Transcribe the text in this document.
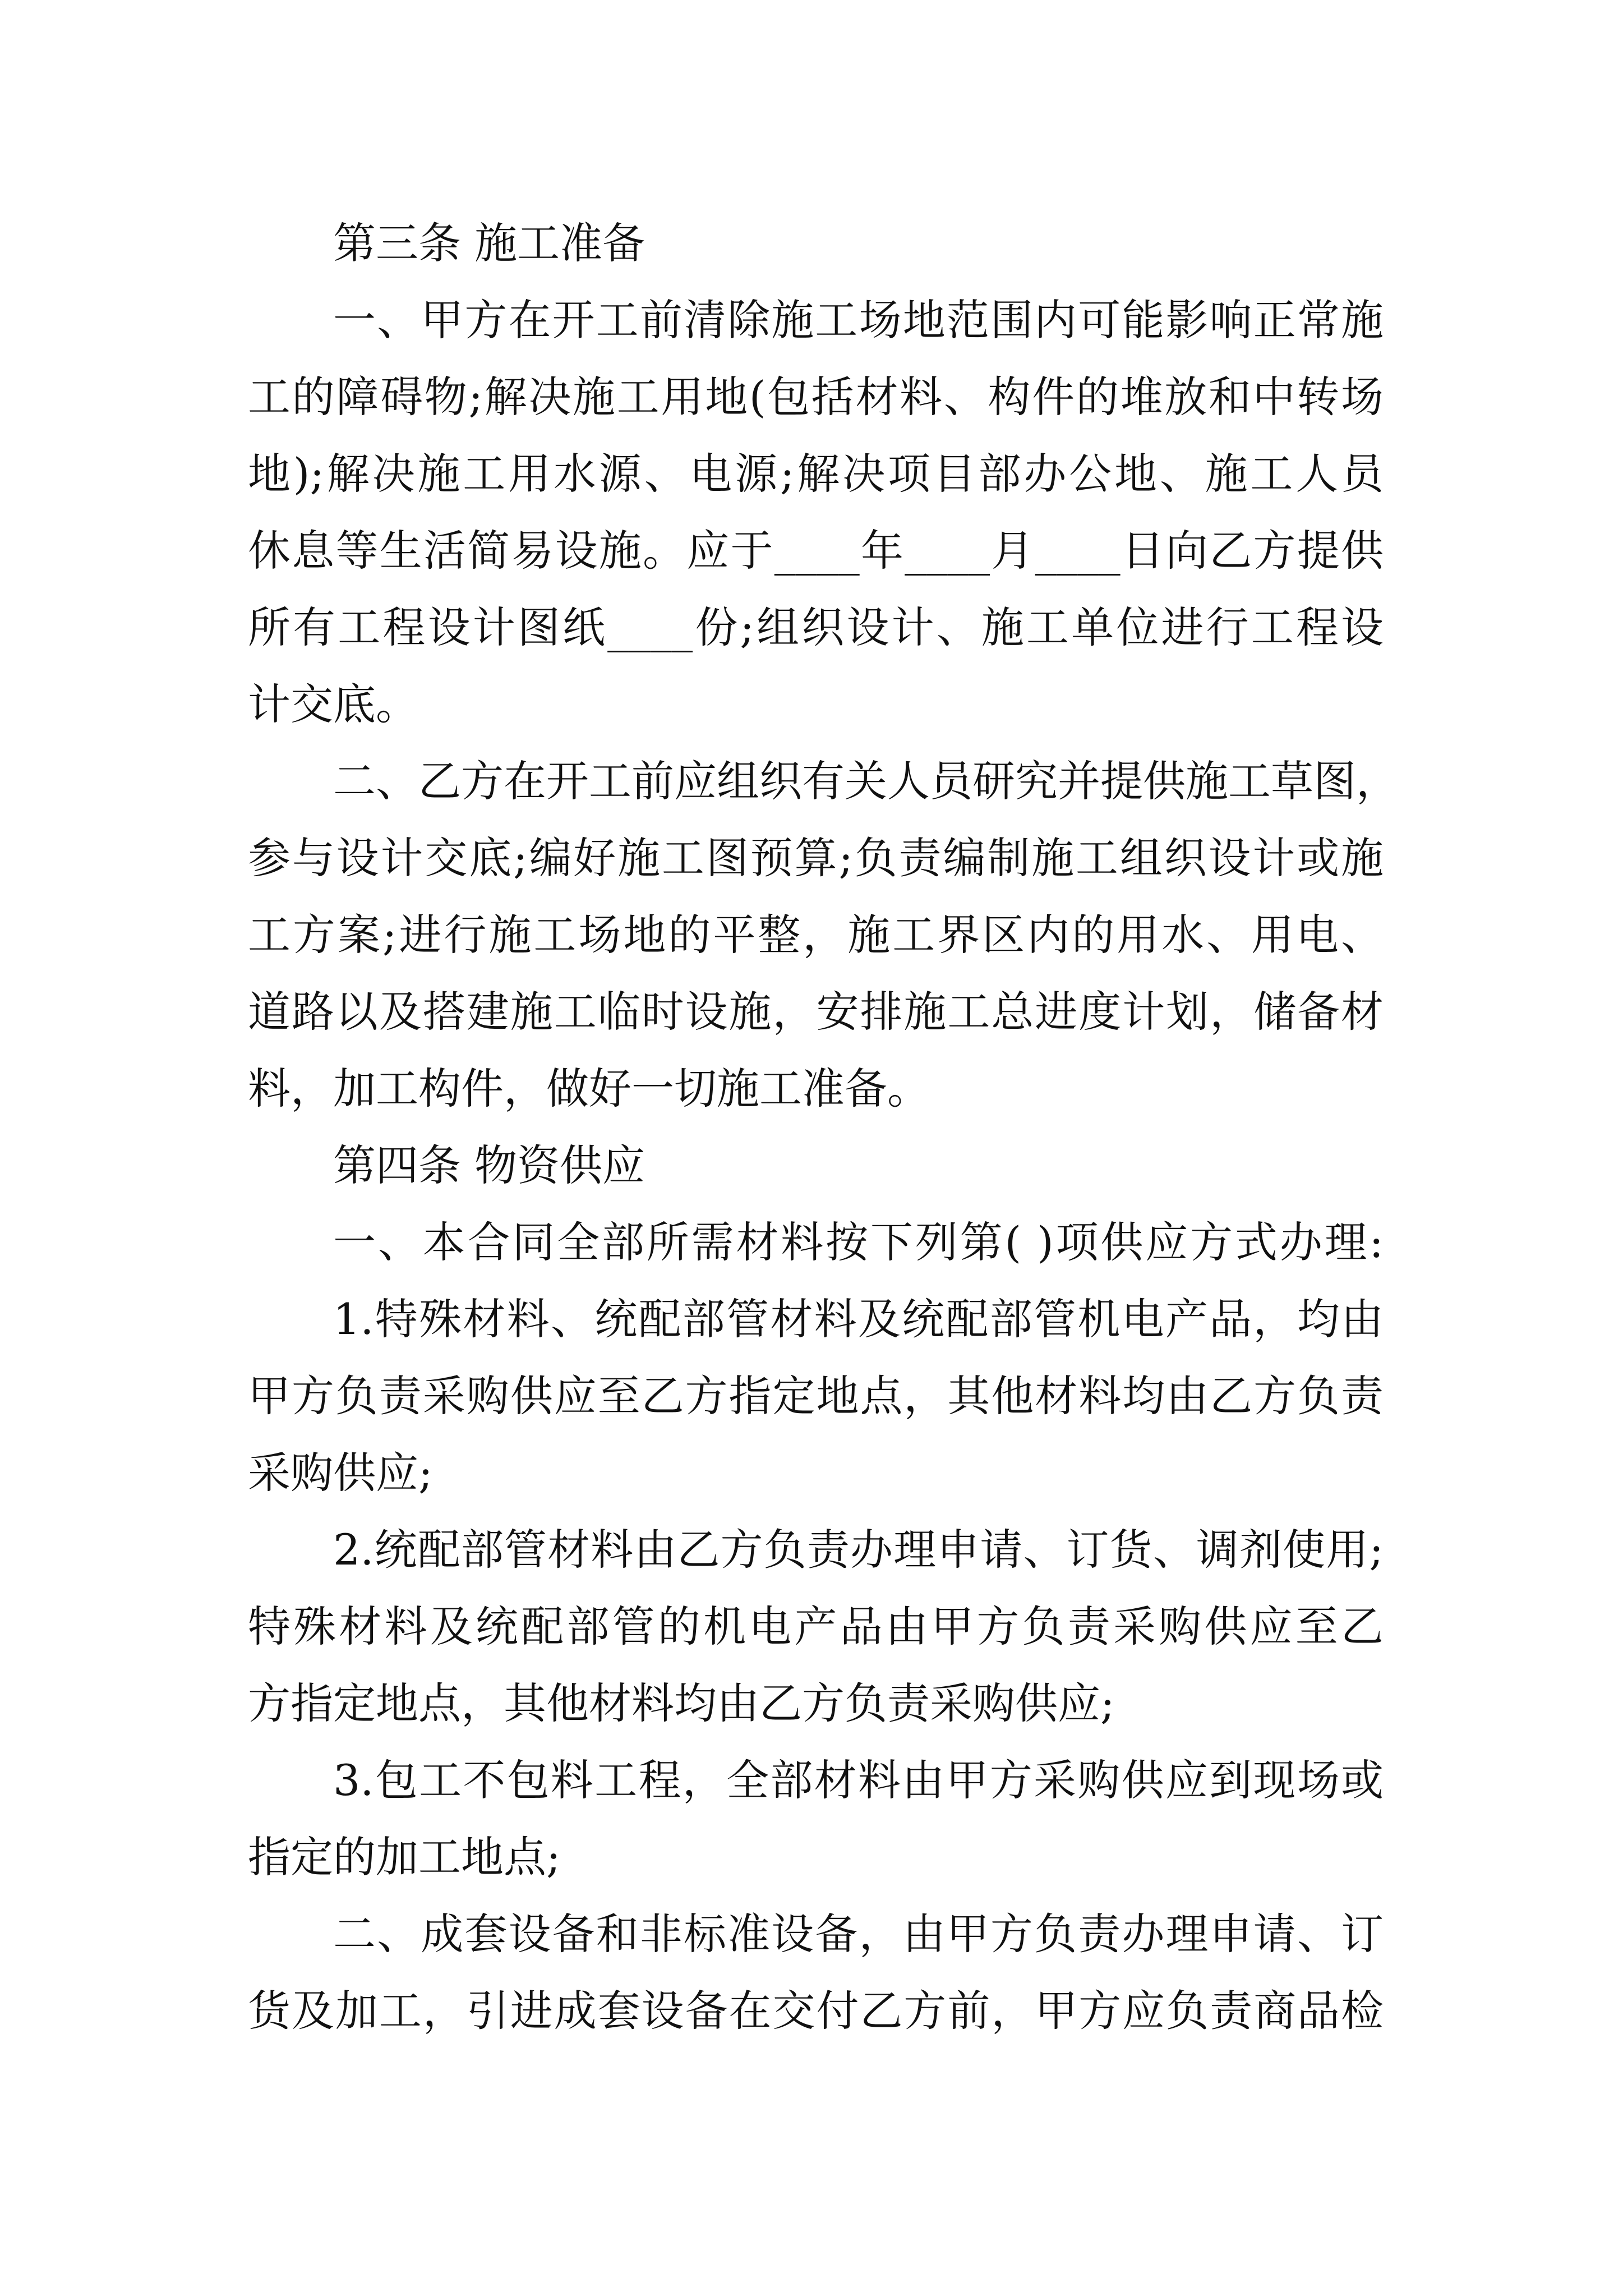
第三条 施工准备
一、甲方在开工前清除施工场地范围内可能影响正常施
工的障碍物;解决施工用地(包括材料、构件的堆放和中转场
地);解决施工用水源、电源;解决项目部办公地、施工人员
休息等生活简易设施。应于____年____月____日向乙方提供
所有工程设计图纸____份;组织设计、施工单位进行工程设
计交底。
二、乙方在开工前应组织有关人员研究并提供施工草图，
参与设计交底;编好施工图预算;负责编制施工组织设计或施
工方案;进行施工场地的平整，施工界区内的用水、用电、
道路以及搭建施工临时设施，安排施工总进度计划，储备材
料，加工构件，做好一切施工准备。
第四条 物资供应
一、本合同全部所需材料按下列第( )项供应方式办理:
1.特殊材料、统配部管材料及统配部管机电产品，均由
甲方负责采购供应至乙方指定地点，其他材料均由乙方负责
采购供应;
2.统配部管材料由乙方负责办理申请、订货、调剂使用;
特殊材料及统配部管的机电产品由甲方负责采购供应至乙
方指定地点，其他材料均由乙方负责采购供应;
3.包工不包料工程，全部材料由甲方采购供应到现场或
指定的加工地点;
二、成套设备和非标准设备，由甲方负责办理申请、订
货及加工，引进成套设备在交付乙方前，甲方应负责商品检
